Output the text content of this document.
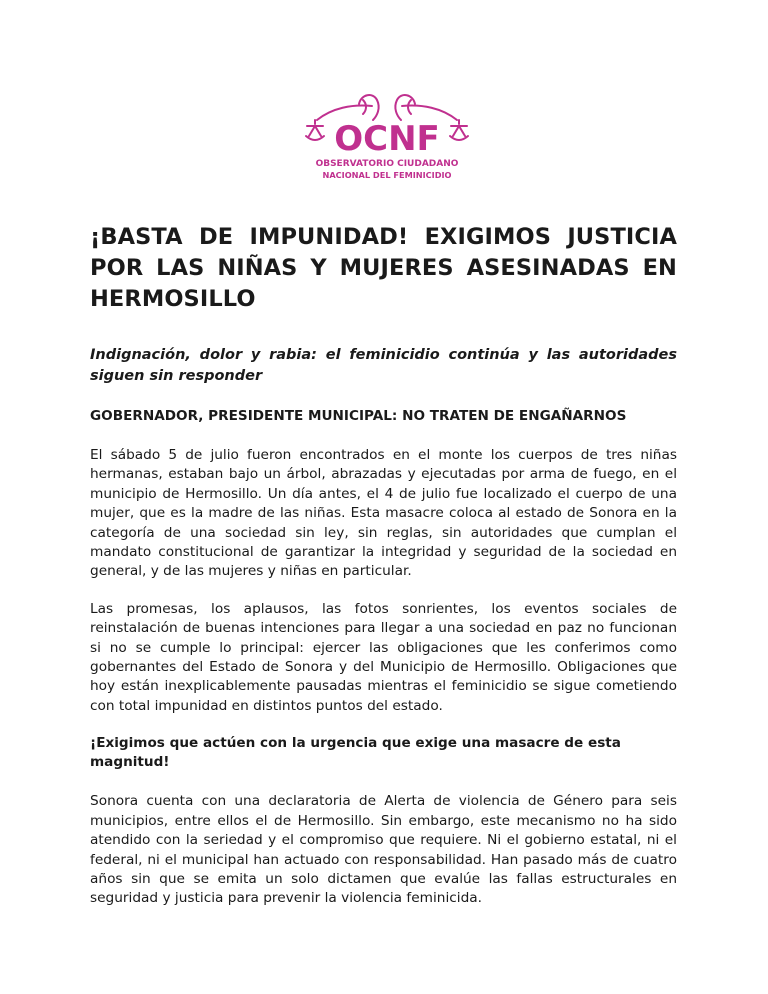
OCNF
OBSERVATORIO CIUDADANO
NACIONAL DEL FEMINICIDIO
¡BASTA DE IMPUNIDAD! EXIGIMOS JUSTICIA POR LAS NIÑAS Y MUJERES ASESINADAS EN HERMOSILLO

Indignación, dolor y rabia: el feminicidio continúa y las autoridades siguen sin responder

GOBERNADOR, PRESIDENTE MUNICIPAL: NO TRATEN DE ENGAÑARNOS

El sábado 5 de julio fueron encontrados en el monte los cuerpos de tres niñas hermanas, estaban bajo un árbol, abrazadas y ejecutadas por arma de fuego, en el municipio de Hermosillo. Un día antes, el 4 de julio fue localizado el cuerpo de una mujer, que es la madre de las niñas. Esta masacre coloca al estado de Sonora en la categoría de una sociedad sin ley, sin reglas, sin autoridades que cumplan el mandato constitucional de garantizar la integridad y seguridad de la sociedad en general, y de las mujeres y niñas en particular.

Las promesas, los aplausos, las fotos sonrientes, los eventos sociales de reinstalación de buenas intenciones para llegar a una sociedad en paz no funcionan si no se cumple lo principal: ejercer las obligaciones que les conferimos como gobernantes del Estado de Sonora y del Municipio de Hermosillo. Obligaciones que hoy están inexplicablemente pausadas mientras el feminicidio se sigue cometiendo con total impunidad en distintos puntos del estado.

¡Exigimos que actúen con la urgencia que exige una masacre de esta magnitud!

Sonora cuenta con una declaratoria de Alerta de violencia de Género para seis municipios, entre ellos el de Hermosillo. Sin embargo, este mecanismo no ha sido atendido con la seriedad y el compromiso que requiere. Ni el gobierno estatal, ni el federal, ni el municipal han actuado con responsabilidad. Han pasado más de cuatro años sin que se emita un solo dictamen que evalúe las fallas estructurales en seguridad y justicia para prevenir la violencia feminicida.
